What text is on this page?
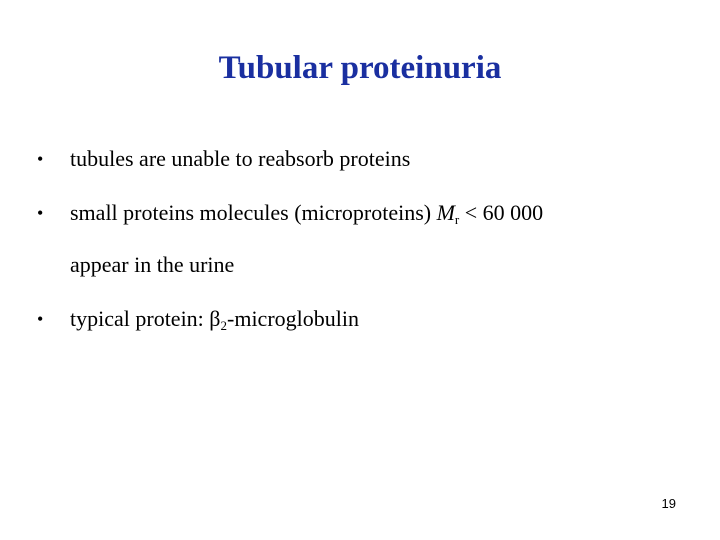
Tubular proteinuria
•	tubules are unable to reabsorb proteins
•	small proteins molecules (microproteins) $M_r < 60$ 000
appear in the urine
•	typical protein: $\beta_2$-microglobulin
19
